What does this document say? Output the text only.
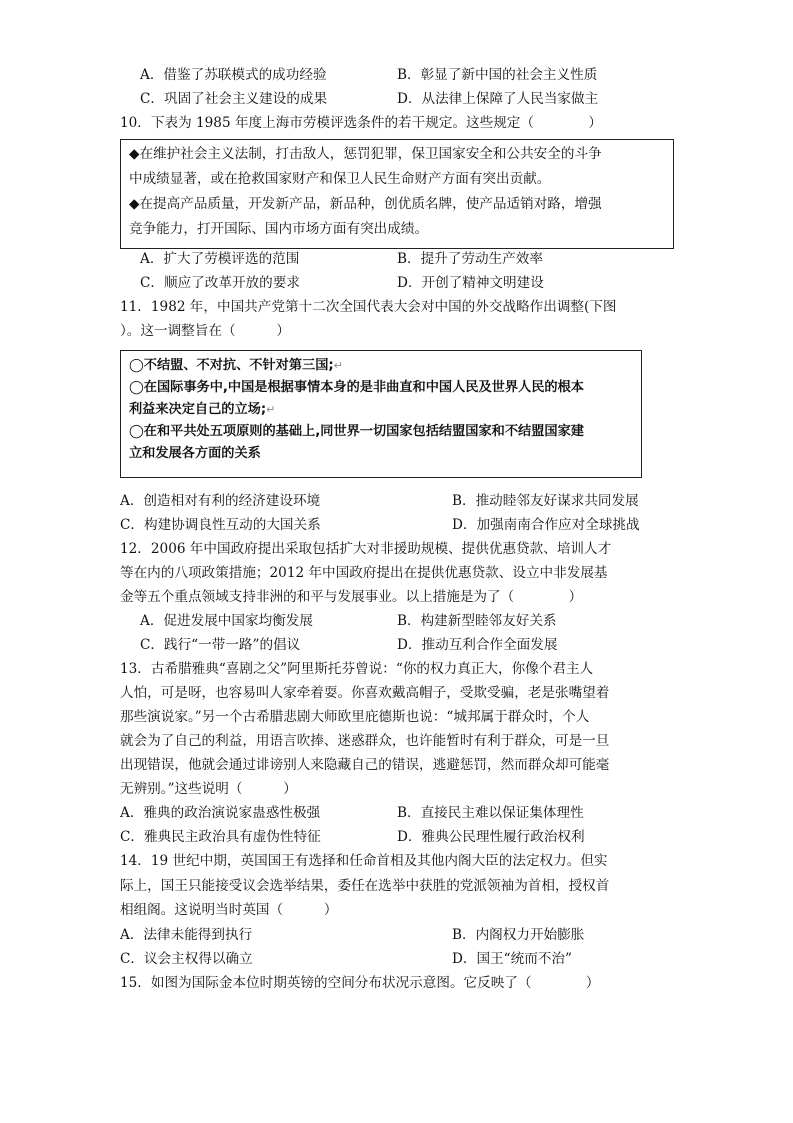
A．借鉴了苏联模式的成功经验	B．彰显了新中国的社会主义性质
C．巩固了社会主义建设的成果	D．从法律上保障了人民当家做主
10．下表为 1985 年度上海市劳模评选条件的若干规定。这些规定（　　　　）
◆在维护社会主义法制，打击敌人，惩罚犯罪，保卫国家安全和公共安全的斗争
中成绩显著，或在抢救国家财产和保卫人民生命财产方面有突出贡献。
◆在提高产品质量，开发新产品，新品种，创优质名牌，使产品适销对路，增强
竞争能力，打开国际、国内市场方面有突出成绩。
A．扩大了劳模评选的范围	B．提升了劳动生产效率
C．顺应了改革开放的要求	D．开创了精神文明建设
11．1982 年，中国共产党第十二次全国代表大会对中国的外交战略作出调整(下图
）。这一调整旨在（　　　）
◯不结盟、不对抗、不针对第三国;↵
◯在国际事务中,中国是根据事情本身的是非曲直和中国人民及世界人民的根本
利益来决定自己的立场;↵
◯在和平共处五项原则的基础上,同世界一切国家包括结盟国家和不结盟国家建
立和发展各方面的关系
A．创造相对有利的经济建设环境	B．推动睦邻友好谋求共同发展
C．构建协调良性互动的大国关系	D．加强南南合作应对全球挑战
12．2006 年中国政府提出采取包括扩大对非援助规模、提供优惠贷款、培训人才
等在内的八项政策措施；2012 年中国政府提出在提供优惠贷款、设立中非发展基
金等五个重点领域支持非洲的和平与发展事业。以上措施是为了（　　　　）
A．促进发展中国家均衡发展	B．构建新型睦邻友好关系
C．践行“一带一路”的倡议	D．推动互利合作全面发展
13．古希腊雅典“喜剧之父”阿里斯托芬曾说：“你的权力真正大，你像个君主人
人怕，可是呀，也容易叫人家牵着耍。你喜欢戴高帽子，受欺受骗，老是张嘴望着
那些演说家。”另一个古希腊悲剧大师欧里庇德斯也说：“城邦属于群众时，个人
就会为了自己的利益，用语言吹捧、迷惑群众，也许能暂时有利于群众，可是一旦
出现错误，他就会通过诽谤别人来隐藏自己的错误，逃避惩罚，然而群众却可能毫
无辨别。”这些说明（　　　）
A．雅典的政治演说家蛊惑性极强	B．直接民主难以保证集体理性
C．雅典民主政治具有虚伪性特征	D．雅典公民理性履行政治权利
14．19 世纪中期，英国国王有选择和任命首相及其他内阁大臣的法定权力。但实
际上，国王只能接受议会选举结果，委任在选举中获胜的党派领袖为首相，授权首
相组阁。这说明当时英国（　　　）
A．法律未能得到执行	B．内阁权力开始膨胀
C．议会主权得以确立	D．国王“统而不治”
15．如图为国际金本位时期英镑的空间分布状况示意图。它反映了（　　　　）
